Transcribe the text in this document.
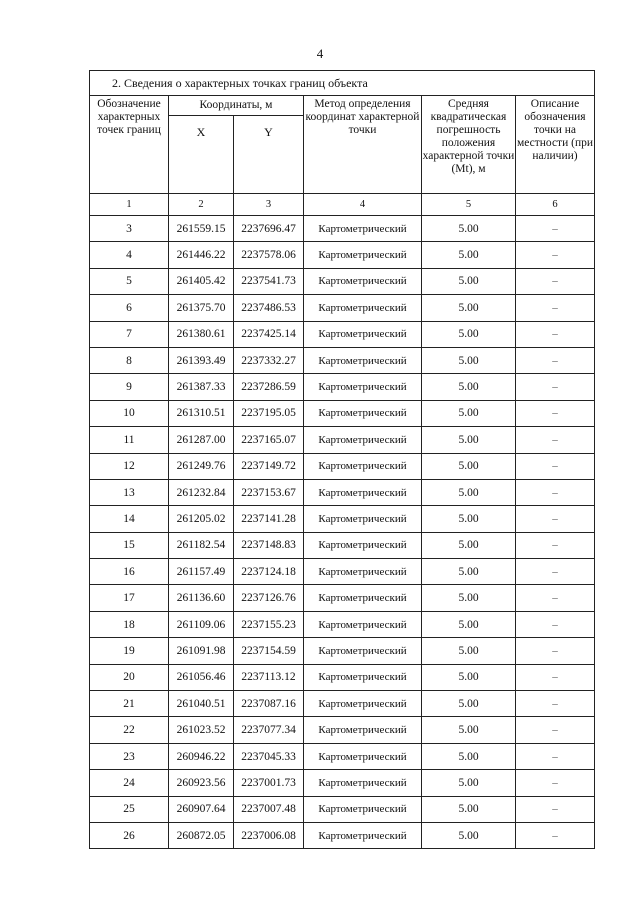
4
2. Сведения о характерных точках границ объекта					
Обозначение характерных точек границ	Координаты, м		Метод определения координат характерной точки	Средняя квадратическая погрешность положения характерной точки (Mt), м	Описание обозначения точки на местности (при наличии)
	X	Y			
1	2	3	4	5	6
3	261559.15	2237696.47	Картометрический	5.00	–
4	261446.22	2237578.06	Картометрический	5.00	–
5	261405.42	2237541.73	Картометрический	5.00	–
6	261375.70	2237486.53	Картометрический	5.00	–
7	261380.61	2237425.14	Картометрический	5.00	–
8	261393.49	2237332.27	Картометрический	5.00	–
9	261387.33	2237286.59	Картометрический	5.00	–
10	261310.51	2237195.05	Картометрический	5.00	–
11	261287.00	2237165.07	Картометрический	5.00	–
12	261249.76	2237149.72	Картометрический	5.00	–
13	261232.84	2237153.67	Картометрический	5.00	–
14	261205.02	2237141.28	Картометрический	5.00	–
15	261182.54	2237148.83	Картометрический	5.00	–
16	261157.49	2237124.18	Картометрический	5.00	–
17	261136.60	2237126.76	Картометрический	5.00	–
18	261109.06	2237155.23	Картометрический	5.00	–
19	261091.98	2237154.59	Картометрический	5.00	–
20	261056.46	2237113.12	Картометрический	5.00	–
21	261040.51	2237087.16	Картометрический	5.00	–
22	261023.52	2237077.34	Картометрический	5.00	–
23	260946.22	2237045.33	Картометрический	5.00	–
24	260923.56	2237001.73	Картометрический	5.00	–
25	260907.64	2237007.48	Картометрический	5.00	–
26	260872.05	2237006.08	Картометрический	5.00	–
